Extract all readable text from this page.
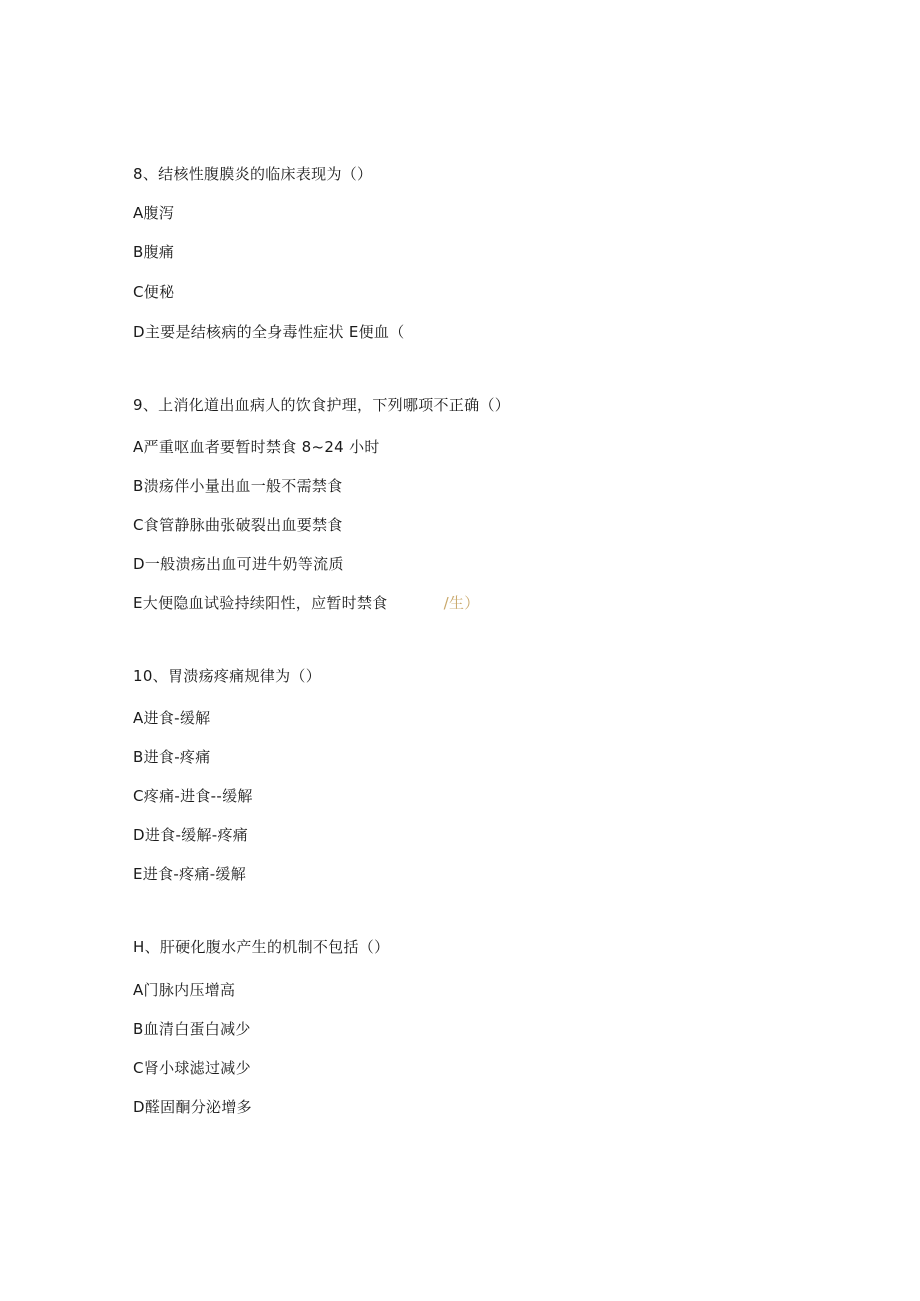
8、结核性腹膜炎的临床表现为（）
A腹泻
B腹痛
C便秘
D主要是结核病的全身毒性症状 E便血（
9、上消化道出血病人的饮食护理，下列哪项不正确（）
A严重呕血者要暂时禁食 8~24 小时
B溃疡伴小量出血一般不需禁食
C食管静脉曲张破裂出血要禁食
D一般溃疡出血可进牛奶等流质
E大便隐血试验持续阳性，应暂时禁食	/生）
10、胃溃疡疼痛规律为（）
A进食-缓解
B进食-疼痛
C疼痛-进食--缓解
D进食-缓解-疼痛
E进食-疼痛-缓解
H、肝硬化腹水产生的机制不包括（）
A门脉内压增高
B血清白蛋白减少
C肾小球滤过减少
D醛固酮分泌增多
